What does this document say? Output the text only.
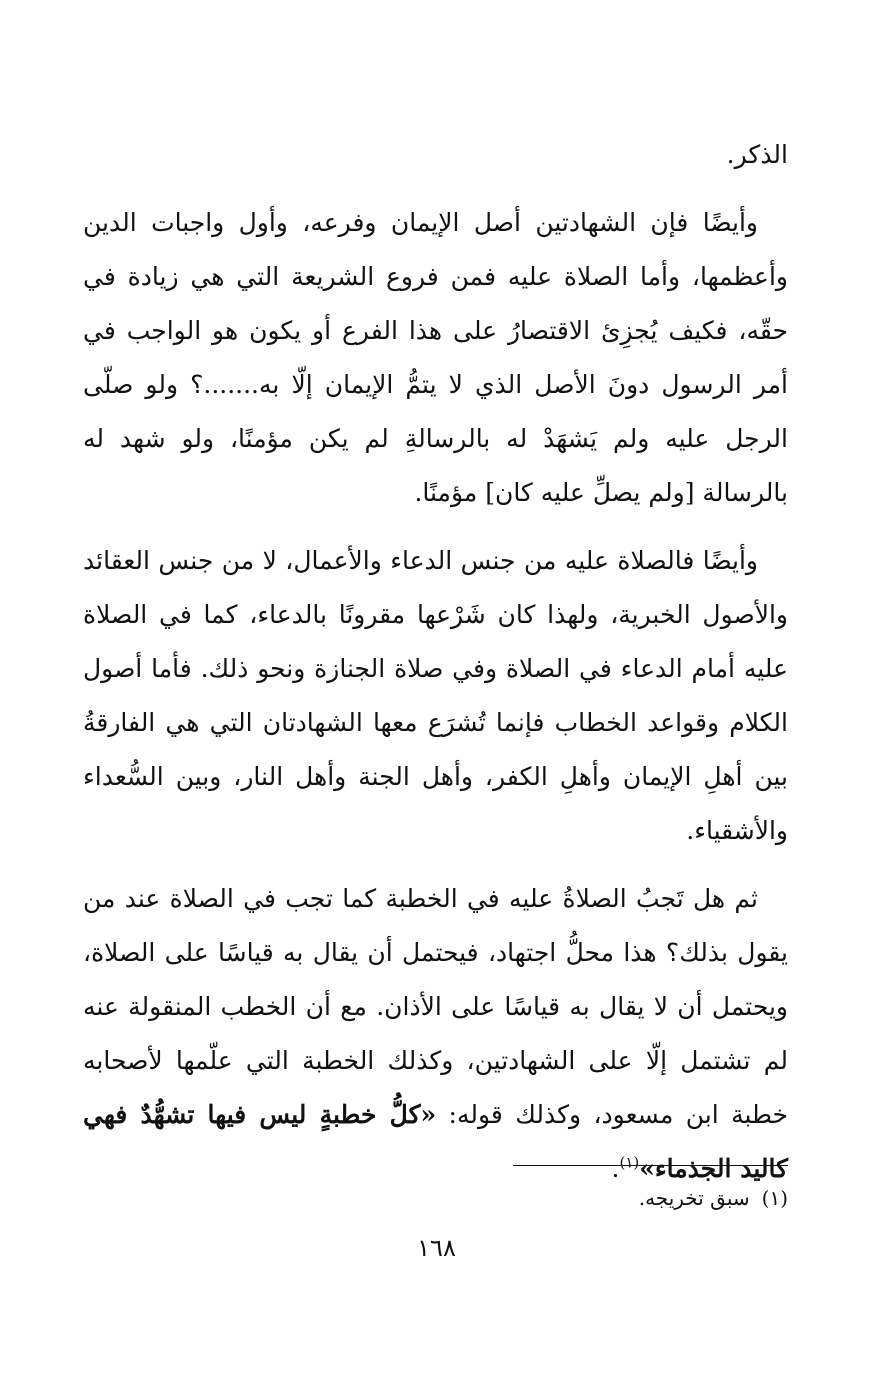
الذكر.

وأيضًا فإن الشهادتين أصل الإيمان وفرعه، وأول واجبات الدين وأعظمها، وأما الصلاة عليه فمن فروع الشريعة التي هي زيادة في حقّه، فكيف يُجزِئ الاقتصارُ على هذا الفرع أو يكون هو الواجب في أمر الرسول دونَ الأصل الذي لا يتمُّ الإيمان إلّا به.......؟ ولو صلّى الرجل عليه ولم يَشهَدْ له بالرسالةِ لم يكن مؤمنًا، ولو شهد له بالرسالة [ولم يصلِّ عليه كان] مؤمنًا.

وأيضًا فالصلاة عليه من جنس الدعاء والأعمال، لا من جنس العقائد والأصول الخبرية، ولهذا كان شَرْعها مقرونًا بالدعاء، كما في الصلاة عليه أمام الدعاء في الصلاة وفي صلاة الجنازة ونحو ذلك. فأما أصول الكلام وقواعد الخطاب فإنما تُشرَع معها الشهادتان التي هي الفارقةُ بين أهلِ الإيمان وأهلِ الكفر، وأهل الجنة وأهل النار، وبين السُّعداء والأشقياء.

ثم هل تَجبُ الصلاةُ عليه في الخطبة كما تجب في الصلاة عند من يقول بذلك؟ هذا محلُّ اجتهاد، فيحتمل أن يقال به قياسًا على الصلاة، ويحتمل أن لا يقال به قياسًا على الأذان. مع أن الخطب المنقولة عنه لم تشتمل إلّا على الشهادتين، وكذلك الخطبة التي علّمها لأصحابه خطبة ابن مسعود، وكذلك قوله: «كلُّ خطبةٍ ليس فيها تشهُّدٌ فهي كاليد الجذماء»$^{(١)}$.

(١)سبق تخريجه.
١٦٨
